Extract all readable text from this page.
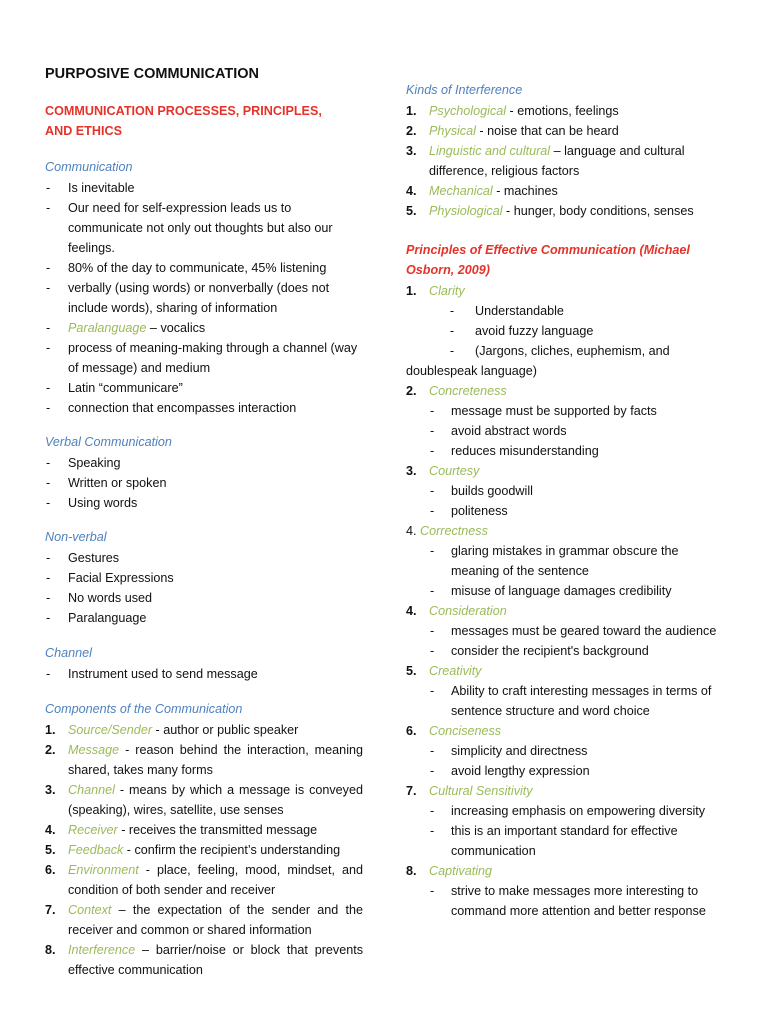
PURPOSIVE COMMUNICATION
COMMUNICATION PROCESSES, PRINCIPLES, AND ETHICS
Communication
- Is inevitable
- Our need for self-expression leads us to communicate not only out thoughts but also our feelings.
- 80% of the day to communicate, 45% listening
- verbally (using words) or nonverbally (does not include words), sharing of information
- Paralanguage – vocalics
- process of meaning-making through a channel (way of message) and medium
- Latin “communicare”
- connection that encompasses interaction
Verbal Communication
- Speaking
- Written or spoken
- Using words
Non-verbal
- Gestures
- Facial Expressions
- No words used
- Paralanguage
Channel
- Instrument used to send message
Components of the Communication
1. Source/Sender - author or public speaker
2. Message - reason behind the interaction, meaning shared, takes many forms
3. Channel - means by which a message is conveyed (speaking), wires, satellite, use senses
4. Receiver - receives the transmitted message
5. Feedback - confirm the recipient’s understanding
6. Environment - place, feeling, mood, mindset, and condition of both sender and receiver
7. Context – the expectation of the sender and the receiver and common or shared information
8. Interference – barrier/noise or block that prevents effective communication
Kinds of Interference
1. Psychological - emotions, feelings
2. Physical - noise that can be heard
3. Linguistic and cultural – language and cultural difference, religious factors
4. Mechanical - machines
5. Physiological - hunger, body conditions, senses
Principles of Effective Communication (Michael Osborn, 2009)
1. Clarity
- Understandable
- avoid fuzzy language
- (Jargons, cliches, euphemism, and
doublespeak language)
2. Concreteness
- message must be supported by facts
- avoid abstract words
- reduces misunderstanding
3. Courtesy
- builds goodwill
- politeness
4. Correctness
- glaring mistakes in grammar obscure the meaning of the sentence
- misuse of language damages credibility
4. Consideration
- messages must be geared toward the audience
- consider the recipient's background
5. Creativity
- Ability to craft interesting messages in terms of sentence structure and word choice
6. Conciseness
- simplicity and directness
- avoid lengthy expression
7. Cultural Sensitivity
- increasing emphasis on empowering diversity
- this is an important standard for effective communication
8. Captivating
- strive to make messages more interesting to command more attention and better response
